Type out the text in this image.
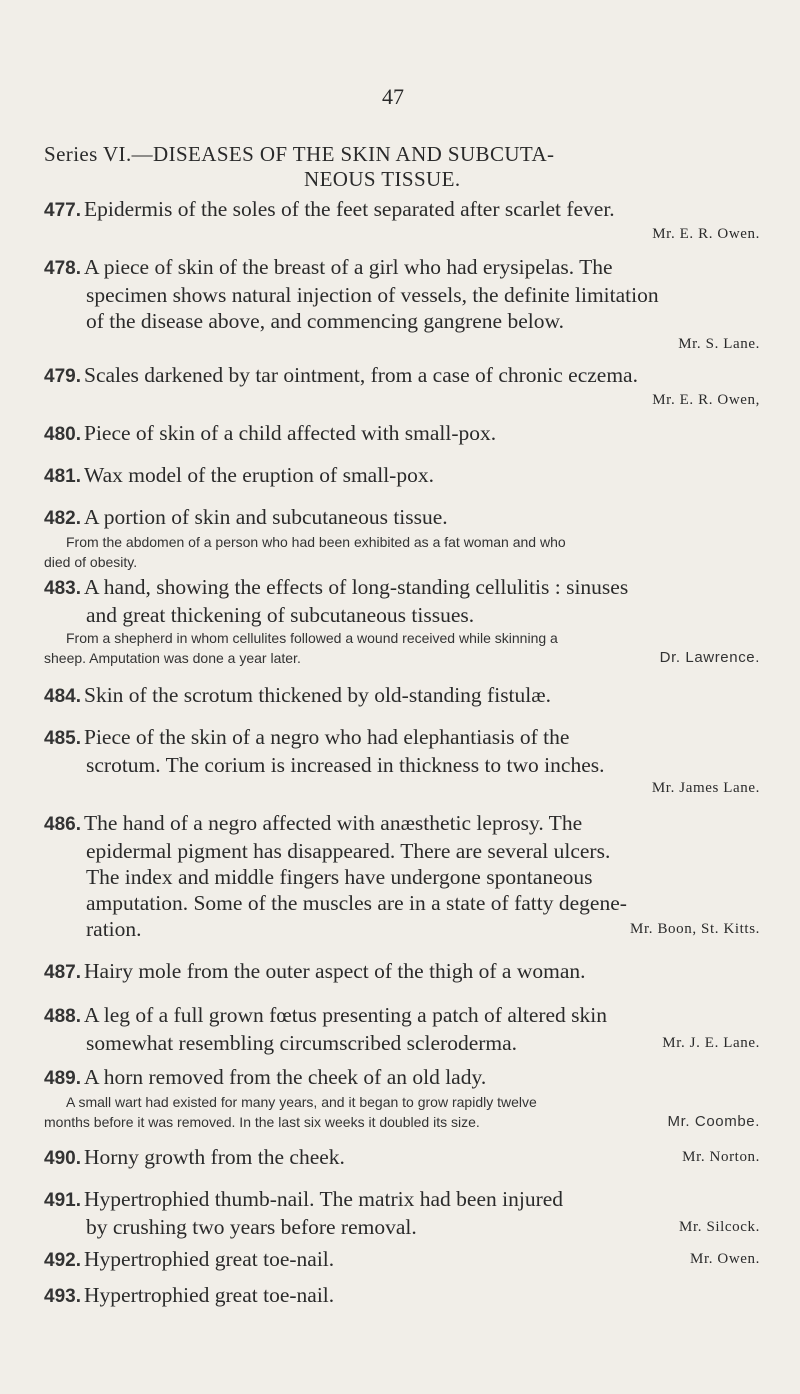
47
Series VI.—DISEASES OF THE SKIN AND SUBCUTA-
NEOUS TISSUE.
477. Epidermis of the soles of the feet separated after scarlet fever.
Mr. E. R. Owen.
478. A piece of skin of the breast of a girl who had erysipelas. The
specimen shows natural injection of vessels, the definite limitation
of the disease above, and commencing gangrene below.
Mr. S. Lane.
479. Scales darkened by tar ointment, from a case of chronic eczema.
Mr. E. R. Owen,
480. Piece of skin of a child affected with small-pox.
481. Wax model of the eruption of small-pox.
482. A portion of skin and subcutaneous tissue.
From the abdomen of a person who had been exhibited as a fat woman and who
died of obesity.
483. A hand, showing the effects of long-standing cellulitis : sinuses
and great thickening of subcutaneous tissues.
From a shepherd in whom cellulites followed a wound received while skinning a
sheep. Amputation was done a year later.	Dr. Lawrence.
484. Skin of the scrotum thickened by old-standing fistulæ.
485. Piece of the skin of a negro who had elephantiasis of the
scrotum. The corium is increased in thickness to two inches.
Mr. James Lane.
486. The hand of a negro affected with anæsthetic leprosy. The
epidermal pigment has disappeared. There are several ulcers.
The index and middle fingers have undergone spontaneous
amputation. Some of the muscles are in a state of fatty degene-
ration.	Mr. Boon, St. Kitts.
487. Hairy mole from the outer aspect of the thigh of a woman.
488. A leg of a full grown fœtus presenting a patch of altered skin
somewhat resembling circumscribed scleroderma.	Mr. J. E. Lane.
489. A horn removed from the cheek of an old lady.
A small wart had existed for many years, and it began to grow rapidly twelve
months before it was removed. In the last six weeks it doubled its size.	Mr. Coombe.
490. Horny growth from the cheek.	Mr. Norton.
491. Hypertrophied thumb-nail. The matrix had been injured
by crushing two years before removal.	Mr. Silcock.
492. Hypertrophied great toe-nail.	Mr. Owen.
493. Hypertrophied great toe-nail.
